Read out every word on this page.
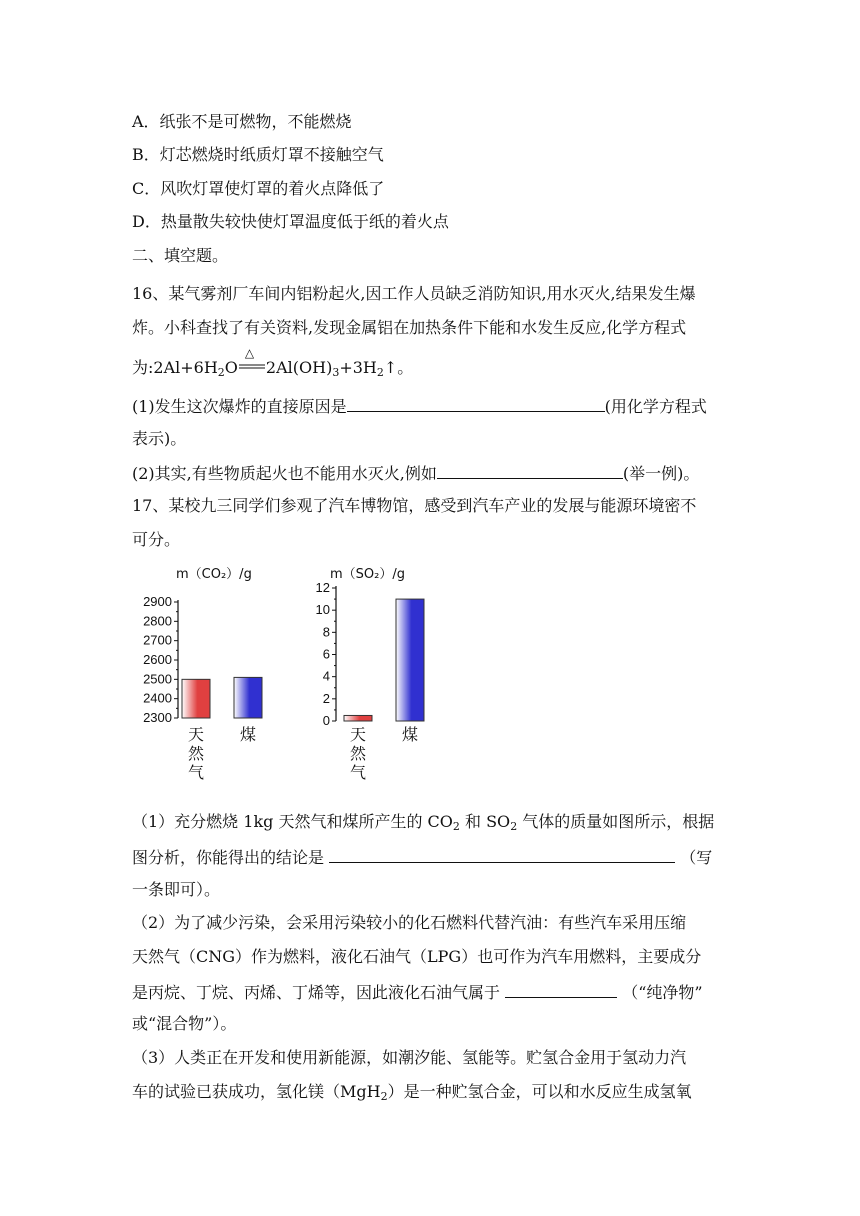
A．纸张不是可燃物，不能燃烧
B．灯芯燃烧时纸质灯罩不接触空气
C．风吹灯罩使灯罩的着火点降低了
D．热量散失较快使灯罩温度低于纸的着火点
二、填空题。
16、某气雾剂厂车间内铝粉起火,因工作人员缺乏消防知识,用水灭火,结果发生爆
炸。小科查找了有关资料,发现金属铝在加热条件下能和水发生反应,化学方程式
为$:2Al+6H_2O$
△
$2Al(OH)_3+3H_2↑$。
(1)发生这次爆炸的直接原因是	(用化学方程式
表示)。
(2)其实,有些物质起火也不能用水灭火,例如	(举一例)。
17、某校九三同学们参观了汽车博物馆，感受到汽车产业的发展与能源环境密不
可分。
m（CO₂）/g
2300
2400
2500
2600
2700
2800
2900
天然气
煤
m（SO₂）/g
0
2
4
6
8
10
12
天然气
煤
（1）充分燃烧 1kg 天然气和煤所产生的 $CO_2$ 和 $SO_2$ 气体的质量如图所示，根据
图分析，你能得出的结论是	（写
一条即可）。
（2）为了减少污染，会采用污染较小的化石燃料代替汽油：有些汽车采用压缩
天然气（CNG）作为燃料，液化石油气（LPG）也可作为汽车用燃料，主要成分
是丙烷、丁烷、丙烯、丁烯等，因此液化石油气属于	（“纯净物”
或“混合物”）。
（3）人类正在开发和使用新能源，如潮汐能、氢能等。贮氢合金用于氢动力汽
车的试验已获成功，氢化镁（MgH$_2$）是一种贮氢合金，可以和水反应生成氢氧
